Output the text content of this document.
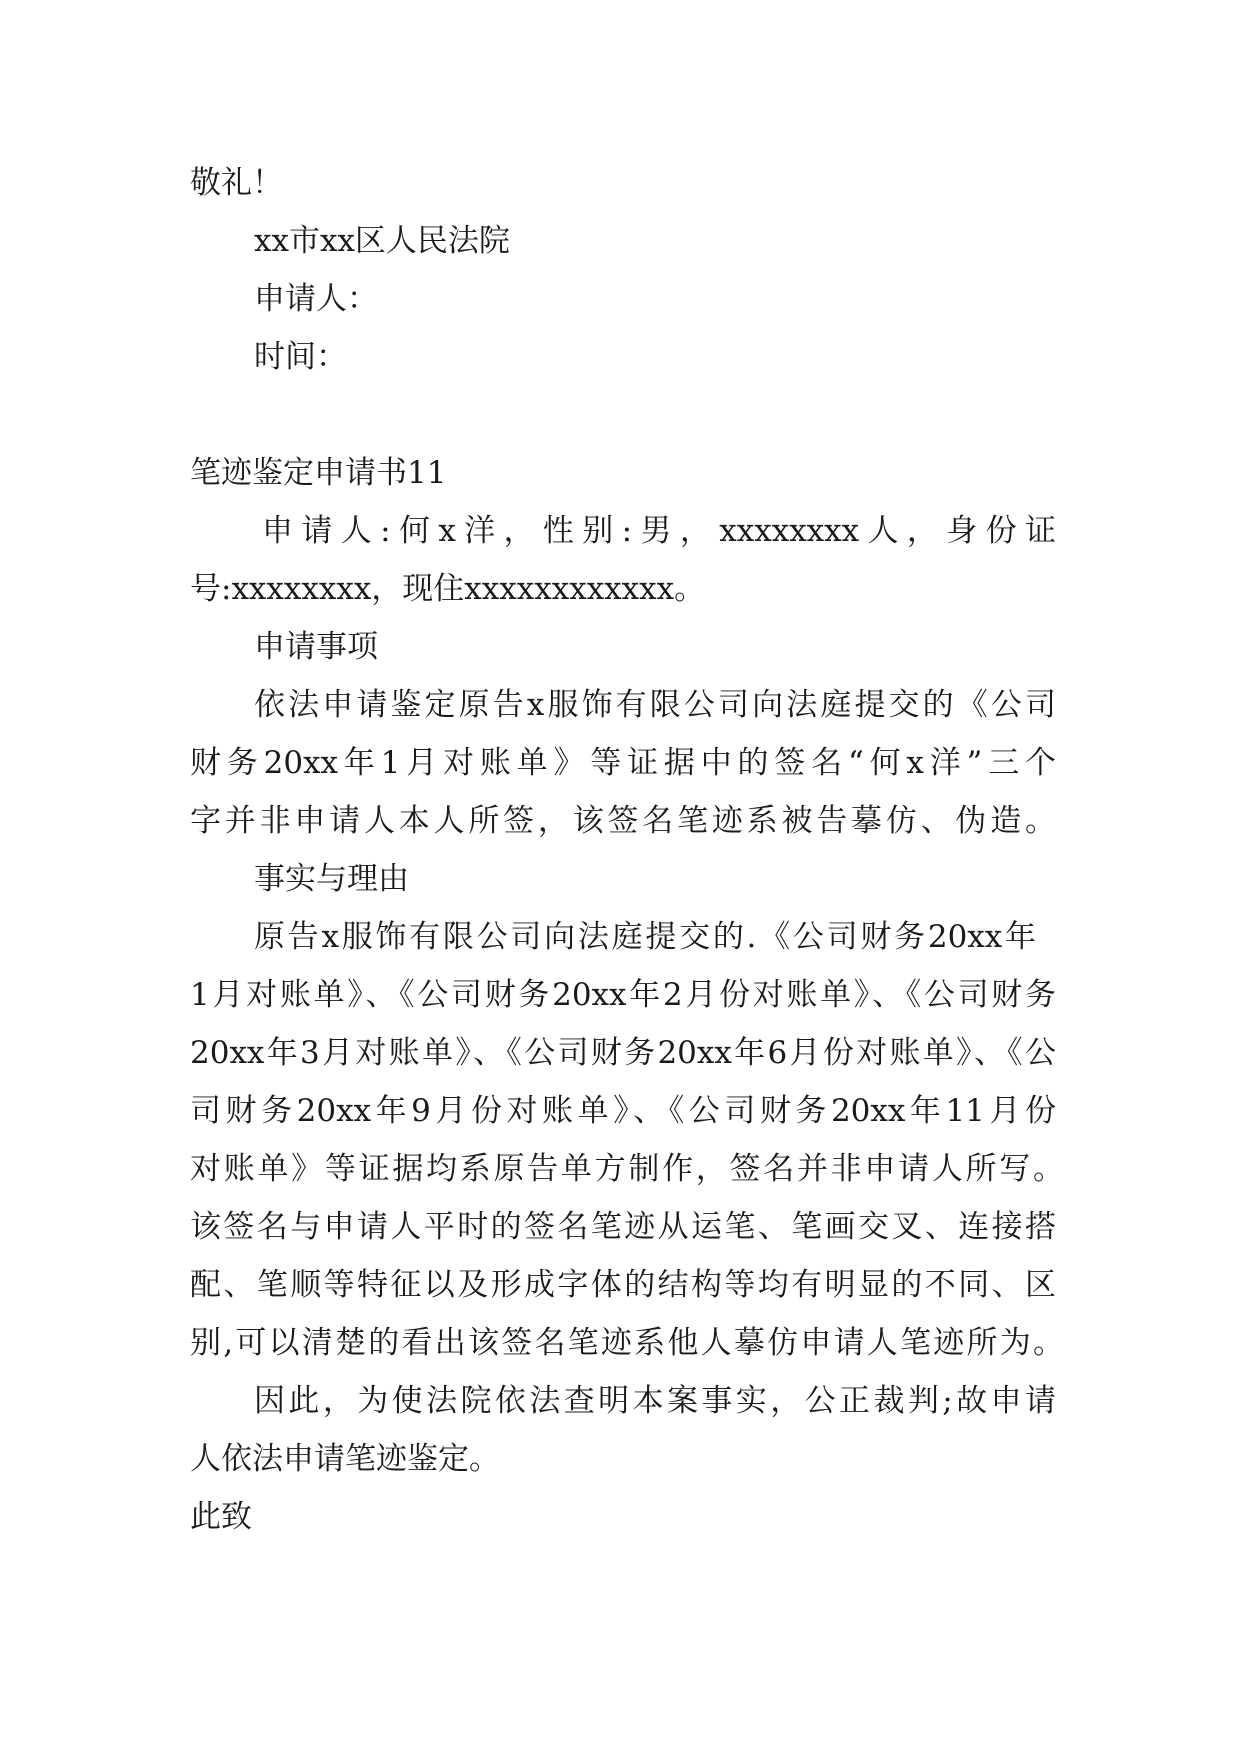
敬礼！
xx市xx区人民法院
申请人：
时间：
笔迹鉴定申请书11
申请人:何x洋，性别:男，xxxxxxxx人，身份证
号:xxxxxxxx，现住xxxxxxxxxxxx。
申请事项
依法申请鉴定原告x服饰有限公司向法庭提交的《公司
财务20xx年1月对账单》等证据中的签名“何x洋”三个
字并非申请人本人所签，该签名笔迹系被告摹仿、伪造。
事实与理由
原告x服饰有限公司向法庭提交的.《公司财务20xx年
1月对账单》、《公司财务20xx年2月份对账单》、《公司财务
20xx年3月对账单》、《公司财务20xx年6月份对账单》、《公
司财务20xx年9月份对账单》、《公司财务20xx年11月份
对账单》等证据均系原告单方制作，签名并非申请人所写。
该签名与申请人平时的签名笔迹从运笔、笔画交叉、连接搭
配、笔顺等特征以及形成字体的结构等均有明显的不同、区
别,可以清楚的看出该签名笔迹系他人摹仿申请人笔迹所为。
因此，为使法院依法查明本案事实，公正裁判;故申请
人依法申请笔迹鉴定。
此致
